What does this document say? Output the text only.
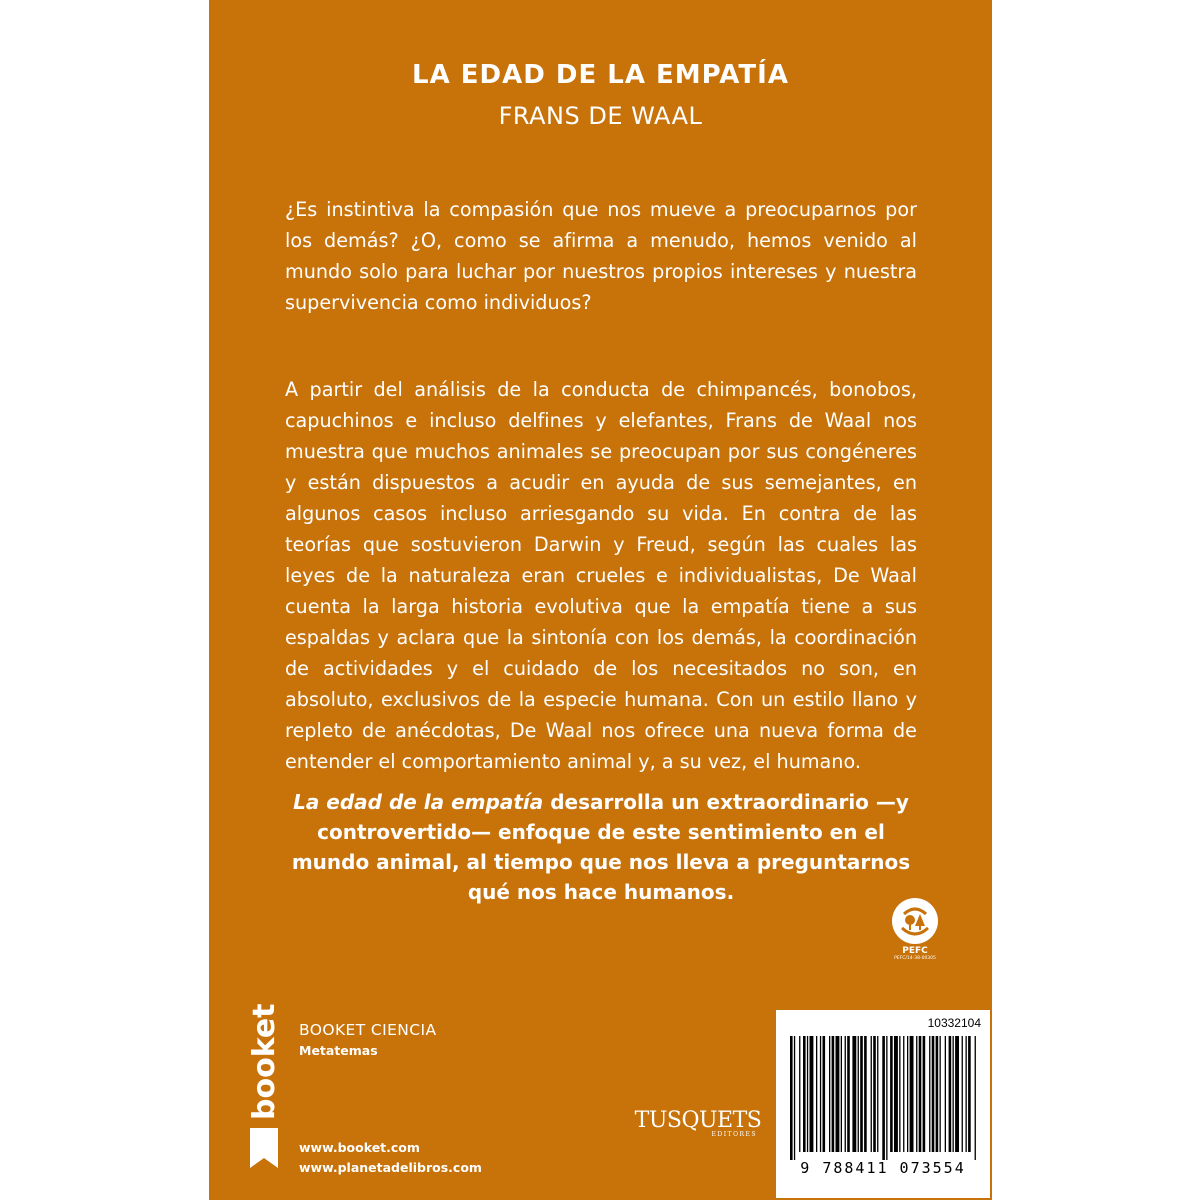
LA EDAD DE LA EMPATÍA
FRANS DE WAAL

¿Es instintiva la compasión que nos mueve a preocuparnos por los demás? ¿O, como se afirma a menudo, hemos venido al mundo solo para luchar por nuestros propios intereses y nuestra supervivencia como individuos?

A partir del análisis de la conducta de chimpancés, bonobos, capuchinos e incluso delfines y elefantes, Frans de Waal nos muestra que muchos animales se preocupan por sus congéneres y están dispuestos a acudir en ayuda de sus semejantes, en algunos casos incluso arriesgando su vida. En contra de las teorías que sostuvieron Darwin y Freud, según las cuales las leyes de la naturaleza eran crueles e individualistas, De Waal cuenta la larga historia evolutiva que la empatía tiene a sus espaldas y aclara que la sintonía con los demás, la coordinación de actividades y el cuidado de los necesitados no son, en absoluto, exclusivos de la especie humana. Con un estilo llano y repleto de anécdotas, De Waal nos ofrece una nueva forma de entender el comportamiento animal y, a su vez, el humano.

La edad de la empatía desarrolla un extraordinario —y controvertido— enfoque de este sentimiento en el mundo animal, al tiempo que nos lleva a preguntarnos qué nos hace humanos.

PEFC
PEFC/14-38-00305
booket BOOKET CIENCIA
Metatemas
www.booket.com
www.planetadelibros.com
TUSQUETS
EDITORES
10332104
9 788411 073554
